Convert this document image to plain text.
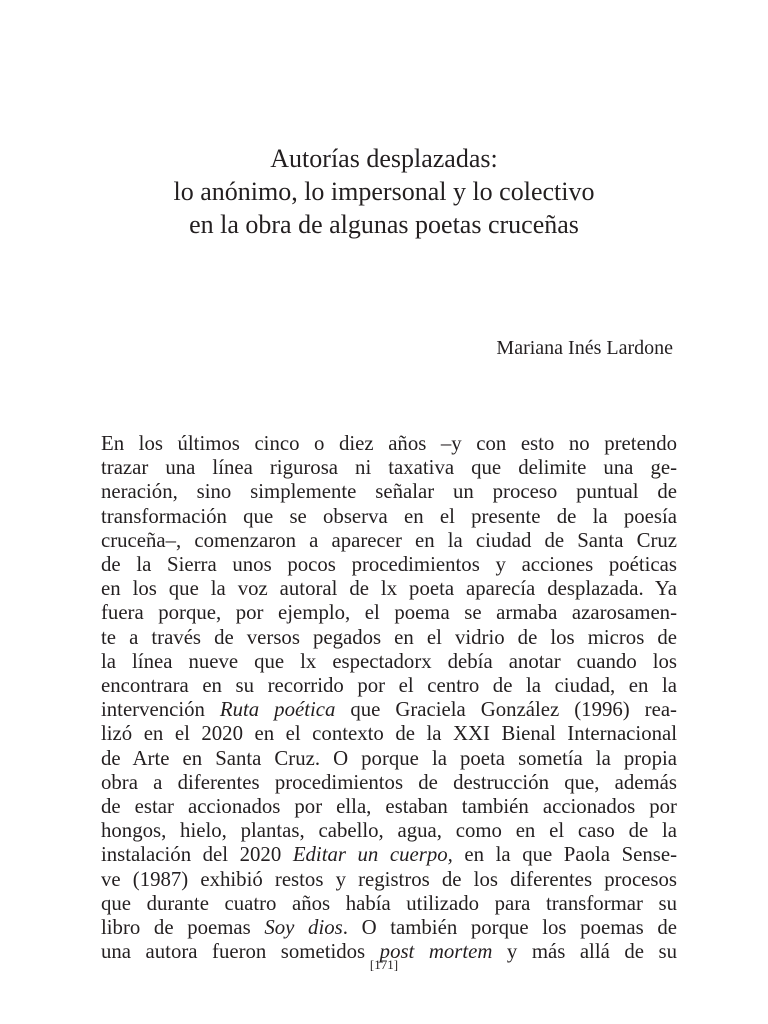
Autorías desplazadas:
lo anónimo, lo impersonal y lo colectivo
en la obra de algunas poetas cruceñas
Mariana Inés Lardone
En los últimos cinco o diez años –y con esto no pretendo
trazar una línea rigurosa ni taxativa que delimite una ge-
neración, sino simplemente señalar un proceso puntual de
transformación que se observa en el presente de la poesía
cruceña–, comenzaron a aparecer en la ciudad de Santa Cruz
de la Sierra unos pocos procedimientos y acciones poéticas
en los que la voz autoral de lx poeta aparecía desplazada. Ya
fuera porque, por ejemplo, el poema se armaba azarosamen-
te a través de versos pegados en el vidrio de los micros de
la línea nueve que lx espectadorx debía anotar cuando los
encontrara en su recorrido por el centro de la ciudad, en la
intervención Ruta poética que Graciela González (1996) rea-
lizó en el 2020 en el contexto de la XXI Bienal Internacional
de Arte en Santa Cruz. O porque la poeta sometía la propia
obra a diferentes procedimientos de destrucción que, además
de estar accionados por ella, estaban también accionados por
hongos, hielo, plantas, cabello, agua, como en el caso de la
instalación del 2020 Editar un cuerpo, en la que Paola Sense-
ve (1987) exhibió restos y registros de los diferentes procesos
que durante cuatro años había utilizado para transformar su
libro de poemas Soy dios. O también porque los poemas de
una autora fueron sometidos post mortem y más allá de su
[171]
